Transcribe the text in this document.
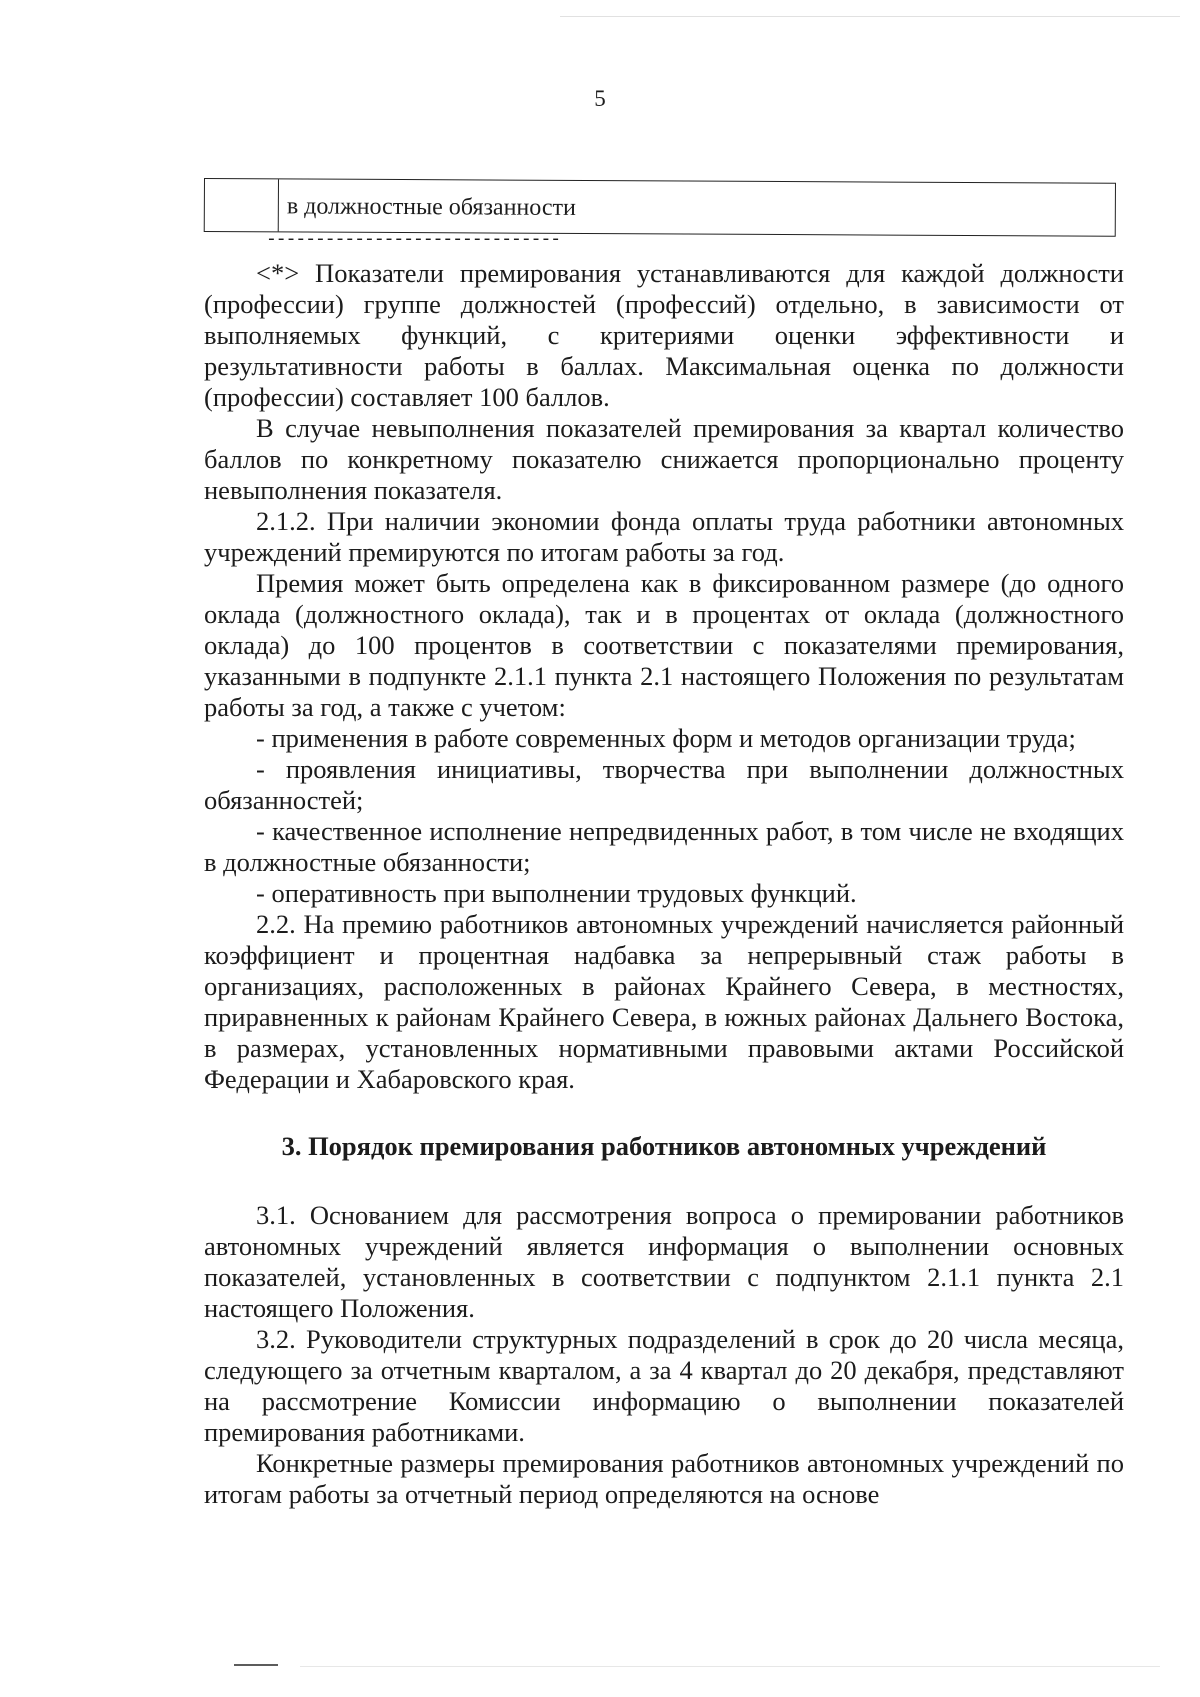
5
в должностные обязанности
------------------------------

<*> Показатели премирования устанавливаются для каждой должности (профессии) группе должностей (профессий) отдельно, в зависимости от выполняемых функций, с критериями оценки эффективности и результативности работы в баллах. Максимальная оценка по должности (профессии) составляет 100 баллов.

В случае невыполнения показателей премирования за квартал количество баллов по конкретному показателю снижается пропорционально проценту невыполнения показателя.

2.1.2. При наличии экономии фонда оплаты труда работники автономных учреждений премируются по итогам работы за год.

Премия может быть определена как в фиксированном размере (до одного оклада (должностного оклада), так и в процентах от оклада (должностного оклада) до 100 процентов в соответствии с показателями премирования, указанными в подпункте 2.1.1 пункта 2.1 настоящего Положения по результатам работы за год, а также с учетом:

- применения в работе современных форм и методов организации труда;

- проявления инициативы, творчества при выполнении должностных обязанностей;

- качественное исполнение непредвиденных работ, в том числе не входящих в должностные обязанности;

- оперативность при выполнении трудовых функций.

2.2. На премию работников автономных учреждений начисляется районный коэффициент и процентная надбавка за непрерывный стаж работы в организациях, расположенных в районах Крайнего Севера, в местностях, приравненных к районам Крайнего Севера, в южных районах Дальнего Востока, в размерах, установленных нормативными правовыми актами Российской Федерации и Хабаровского края.

3. Порядок премирования работников автономных учреждений

3.1. Основанием для рассмотрения вопроса о премировании работников автономных учреждений является информация о выполнении основных показателей, установленных в соответствии с подпунктом 2.1.1 пункта 2.1 настоящего Положения.

3.2. Руководители структурных подразделений в срок до 20 числа месяца, следующего за отчетным кварталом, а за 4 квартал до 20 декабря, представляют на рассмотрение Комиссии информацию о выполнении показателей премирования работниками.

Конкретные размеры премирования работников автономных учреждений по итогам работы за отчетный период определяются на основе
